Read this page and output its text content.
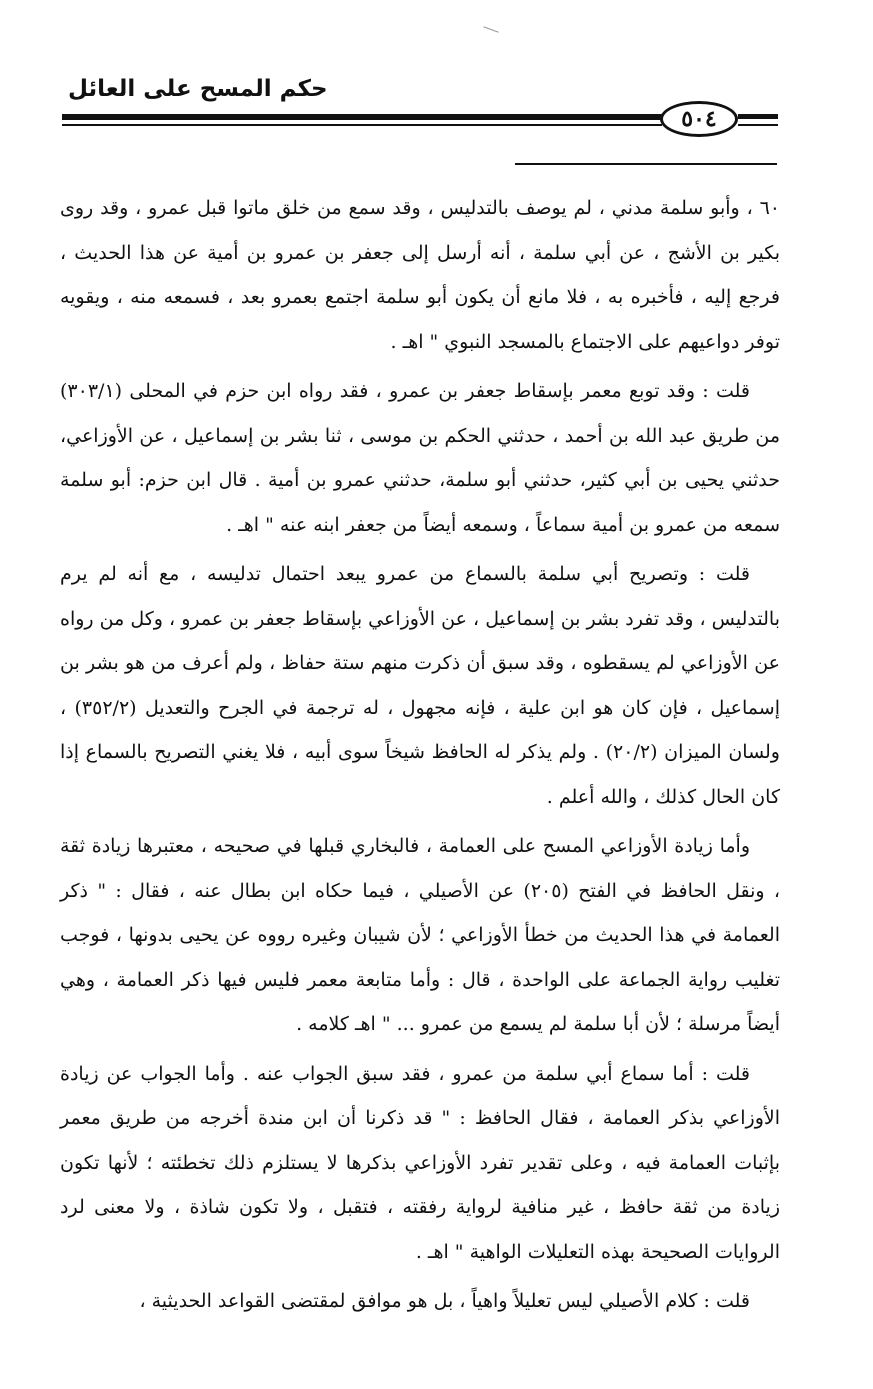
حكم المسح على العائل
٥٠٤

٦٠ ، وأبو سلمة مدني ، لم يوصف بالتدليس ، وقد سمع من خلق ماتوا قبل عمرو ، وقد روى بكير بن الأشج ، عن أبي سلمة ، أنه أرسل إلى جعفر بن عمرو بن أمية عن هذا الحديث ، فرجع إليه ، فأخبره به ، فلا مانع أن يكون أبو سلمة اجتمع بعمرو بعد ، فسمعه منه ، ويقويه توفر دواعيهم على الاجتماع بالمسجد النبوي " اهـ .

قلت : وقد توبع معمر بإسقاط جعفر بن عمرو ، فقد رواه ابن حزم في المحلى (٣٠٣/١) من طريق عبد الله بن أحمد ، حدثني الحكم بن موسى ، ثنا بشر بن إسماعيل ، عن الأوزاعي، حدثني يحيى بن أبي كثير، حدثني أبو سلمة، حدثني عمرو بن أمية . قال ابن حزم: أبو سلمة سمعه من عمرو بن أمية سماعاً ، وسمعه أيضاً من جعفر ابنه عنه " اهـ .

قلت : وتصريح أبي سلمة بالسماع من عمرو يبعد احتمال تدليسه ، مع أنه لم يرم بالتدليس ، وقد تفرد بشر بن إسماعيل ، عن الأوزاعي بإسقاط جعفر بن عمرو ، وكل من رواه عن الأوزاعي لم يسقطوه ، وقد سبق أن ذكرت منهم ستة حفاظ ، ولم أعرف من هو بشر بن إسماعيل ، فإن كان هو ابن علية ، فإنه مجهول ، له ترجمة في الجرح والتعديل (٣٥٢/٢) ، ولسان الميزان (٢٠/٢) . ولم يذكر له الحافظ شيخاً سوى أبيه ، فلا يغني التصريح بالسماع إذا كان الحال كذلك ، والله أعلم .

وأما زيادة الأوزاعي المسح على العمامة ، فالبخاري قبلها في صحيحه ، معتبرها زيادة ثقة ، ونقل الحافظ في الفتح (٢٠٥) عن الأصيلي ، فيما حكاه ابن بطال عنه ، فقال : " ذكر العمامة في هذا الحديث من خطأ الأوزاعي ؛ لأن شيبان وغيره رووه عن يحيى بدونها ، فوجب تغليب رواية الجماعة على الواحدة ، قال : وأما متابعة معمر فليس فيها ذكر العمامة ، وهي أيضاً مرسلة ؛ لأن أبا سلمة لم يسمع من عمرو ... " اهـ كلامه .

قلت : أما سماع أبي سلمة من عمرو ، فقد سبق الجواب عنه . وأما الجواب عن زيادة الأوزاعي بذكر العمامة ، فقال الحافظ : " قد ذكرنا أن ابن مندة أخرجه من طريق معمر بإثبات العمامة فيه ، وعلى تقدير تفرد الأوزاعي بذكرها لا يستلزم ذلك تخطئته ؛ لأنها تكون زيادة من ثقة حافظ ، غير منافية لرواية رفقته ، فتقبل ، ولا تكون شاذة ، ولا معنى لرد الروايات الصحيحة بهذه التعليلات الواهية " اهـ .

قلت : كلام الأصيلي ليس تعليلاً واهياً ، بل هو موافق لمقتضى القواعد الحديثية ،
